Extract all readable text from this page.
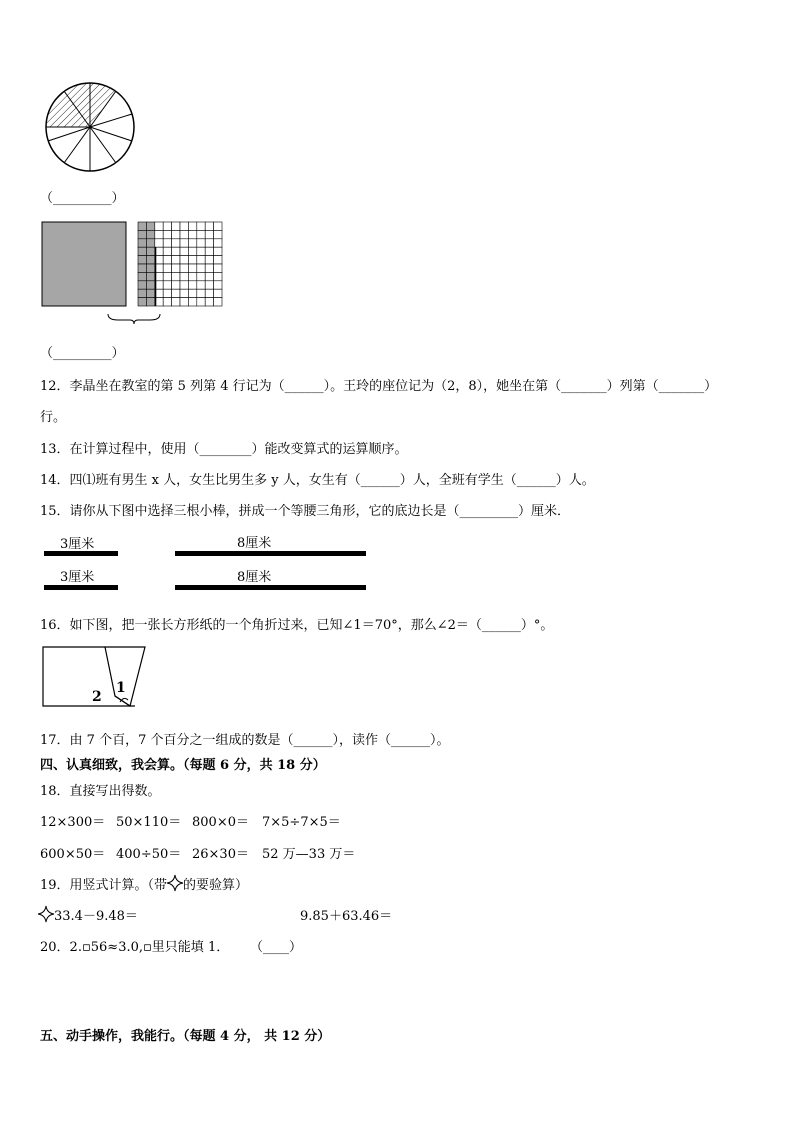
（_________）
（_________）
12．李晶坐在教室的第 5 列第 4 行记为（______）。王玲的座位记为（2，8），她坐在第（_______）列第（_______）
行。
13．在计算过程中，使用（________）能改变算式的运算顺序。
14．四⑴班有男生 x 人，女生比男生多 y 人，女生有（______）人，全班有学生（______）人。
15．请你从下图中选择三根小棒，拼成一个等腰三角形，它的底边长是（_________）厘米．
3厘米	8厘米
3厘米	8厘米
16．如下图，把一张长方形纸的一个角折过来，已知∠1＝70°，那么∠2＝（______）°。
1
2
17．由 7 个百，7 个百分之一组成的数是（______），读作（______）。
四、认真细致，我会算。（每题 6 分，共 18 分）
18．直接写出得数。
12×300＝ 50×110＝ 800×0＝ 7×5÷7×5＝
600×50＝ 400÷50＝ 26×30＝ 52 万—33 万＝
19．用竖式计算。（带 的要验算）
33.4－9.48＝	9.85＋63.46＝
20．2.▫56≈3.0,▫里只能填 1． （____）
五、动手操作，我能行。（每题 4 分， 共 12 分）
